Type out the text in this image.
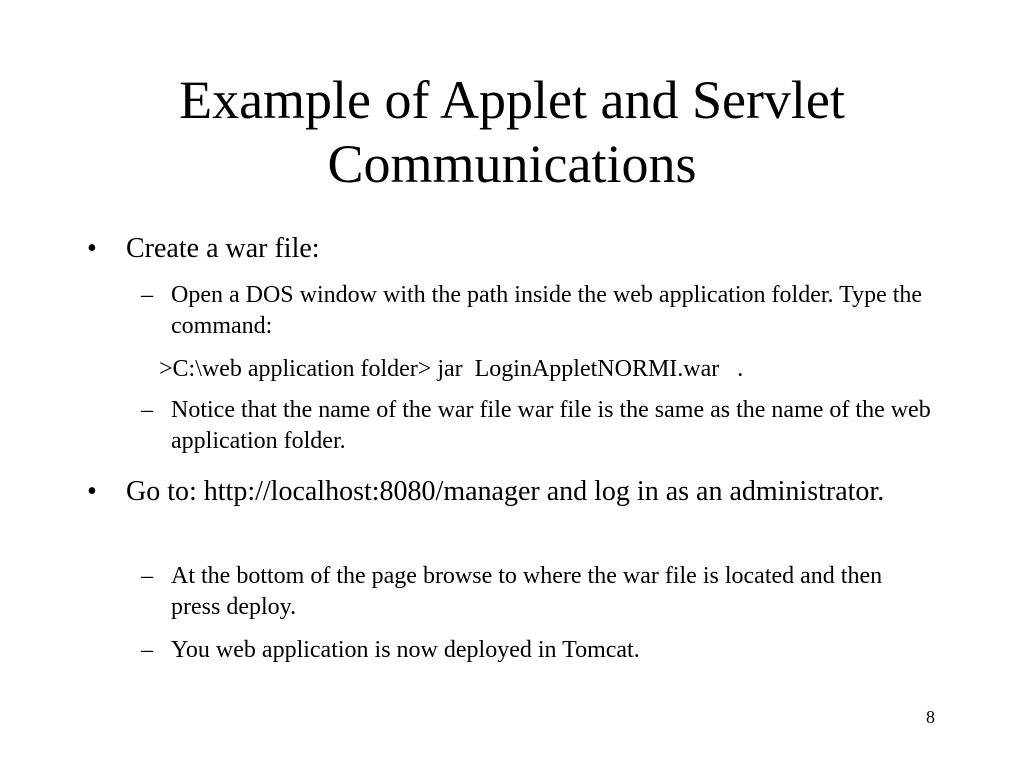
Example of Applet and Servlet
Communications
• Create a war file:
– Open a DOS window with the path inside the web application folder. Type the command:
>C:\web application folder> jar  LoginAppletNORMI.war   .
– Notice that the name of the war file war file is the same as the name of the web application folder.
• Go to: http://localhost:8080/manager and log in as an administrator.
– At the bottom of the page browse to where the war file is located and then press deploy.
– You web application is now deployed in Tomcat.
8
